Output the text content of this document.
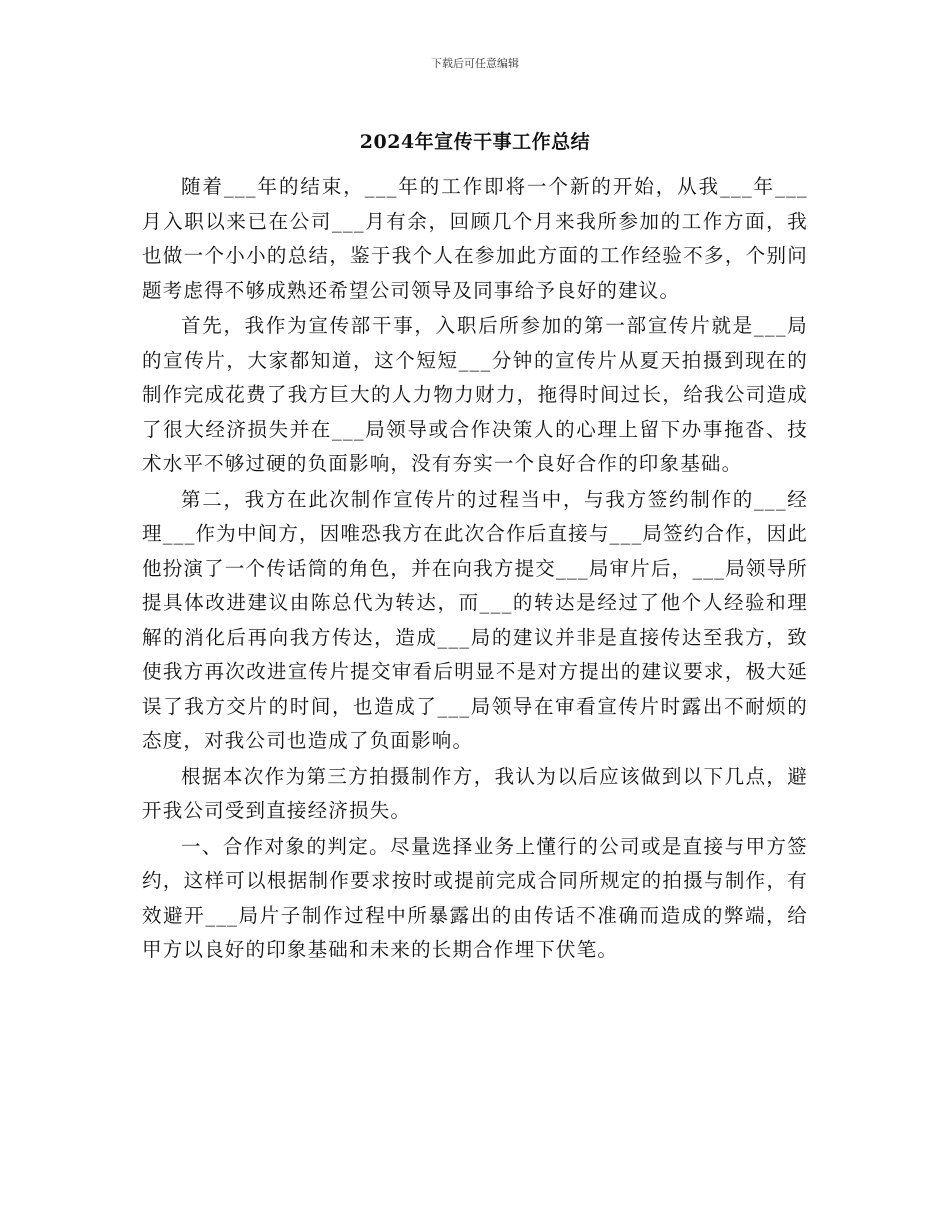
下载后可任意编辑
2024年宣传干事工作总结

随着___年的结束，___年的工作即将一个新的开始，从我___年___月入职以来已在公司___月有余，回顾几个月来我所参加的工作方面，我也做一个小小的总结，鉴于我个人在参加此方面的工作经验不多，个别问题考虑得不够成熟还希望公司领导及同事给予良好的建议。

首先，我作为宣传部干事，入职后所参加的第一部宣传片就是___局的宣传片，大家都知道，这个短短___分钟的宣传片从夏天拍摄到现在的制作完成花费了我方巨大的人力物力财力，拖得时间过长，给我公司造成了很大经济损失并在___局领导或合作决策人的心理上留下办事拖沓、技术水平不够过硬的负面影响，没有夯实一个良好合作的印象基础。

第二，我方在此次制作宣传片的过程当中，与我方签约制作的___经理___作为中间方，因唯恐我方在此次合作后直接与___局签约合作，因此他扮演了一个传话筒的角色，并在向我方提交___局审片后，___局领导所提具体改进建议由陈总代为转达，而___的转达是经过了他个人经验和理解的消化后再向我方传达，造成___局的建议并非是直接传达至我方，致使我方再次改进宣传片提交审看后明显不是对方提出的建议要求，极大延误了我方交片的时间，也造成了___局领导在审看宣传片时露出不耐烦的态度，对我公司也造成了负面影响。

根据本次作为第三方拍摄制作方，我认为以后应该做到以下几点，避开我公司受到直接经济损失。

一、合作对象的判定。尽量选择业务上懂行的公司或是直接与甲方签约，这样可以根据制作要求按时或提前完成合同所规定的拍摄与制作，有效避开___局片子制作过程中所暴露出的由传话不准确而造成的弊端，给甲方以良好的印象基础和未来的长期合作埋下伏笔。
